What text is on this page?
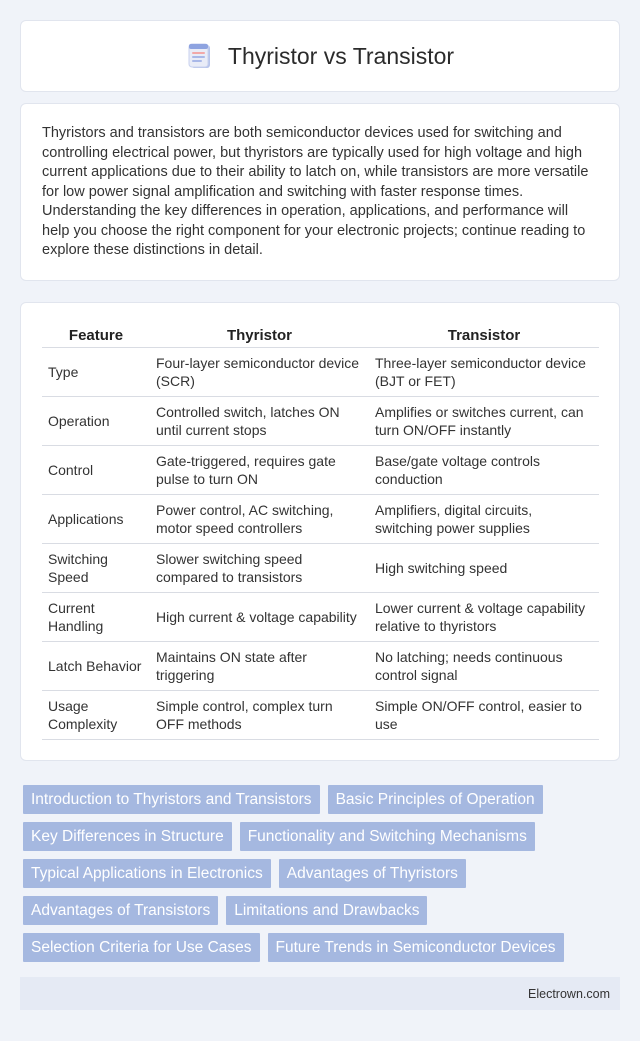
Thyristor vs Transistor

Thyristors and transistors are both semiconductor devices used for switching and controlling electrical power, but thyristors are typically used for high voltage and high current applications due to their ability to latch on, while transistors are more versatile for low power signal amplification and switching with faster response times. Understanding the key differences in operation, applications, and performance will help you choose the right component for your electronic projects; continue reading to explore these distinctions in detail.

Feature	Thyristor	Transistor
Type	Four-layer semiconductor device (SCR)	Three-layer semiconductor device (BJT or FET)
Operation	Controlled switch, latches ON until current stops	Amplifies or switches current, can turn ON/OFF instantly
Control	Gate-triggered, requires gate pulse to turn ON	Base/gate voltage controls conduction
Applications	Power control, AC switching, motor speed controllers	Amplifiers, digital circuits, switching power supplies
Switching Speed	Slower switching speed compared to transistors	High switching speed
Current Handling	High current & voltage capability	Lower current & voltage capability relative to thyristors
Latch Behavior	Maintains ON state after triggering	No latching; needs continuous control signal
Usage Complexity	Simple control, complex turn OFF methods	Simple ON/OFF control, easier to use
Introduction to Thyristors and Transistors	Basic Principles of Operation
Key Differences in Structure	Functionality and Switching Mechanisms
Typical Applications in Electronics	Advantages of Thyristors
Advantages of Transistors	Limitations and Drawbacks
Selection Criteria for Use Cases	Future Trends in Semiconductor Devices
Electrown.com
